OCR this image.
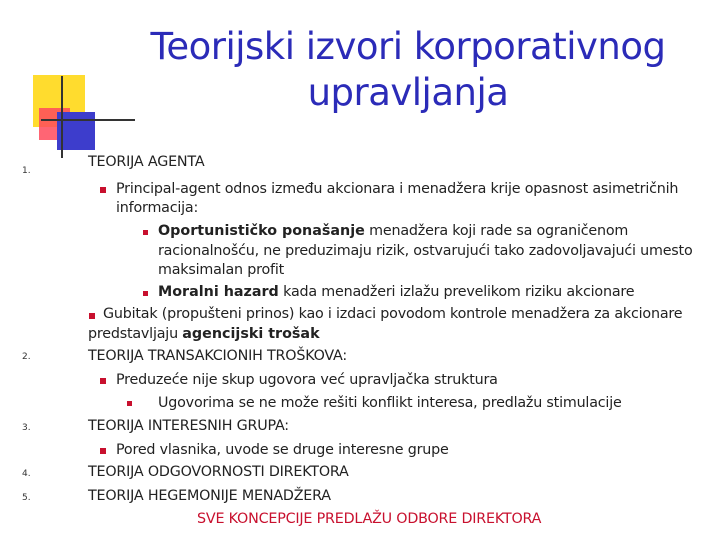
Teorijski izvori korporativnog
upravljanja
1.
2.
3.
4.
5.
TEORIJA AGENTA
Principal-agent odnos između akcionara i menadžera krije opasnost asimetričnih
informacija:
Oportunističko ponašanje menadžera koji rade sa ograničenom
racionalnošću, ne preduzimaju rizik, ostvarujući tako zadovoljavajući umesto
maksimalan profit
Moralni hazard kada menadžeri izlažu prevelikom riziku akcionare
Gubitak (propušteni prinos) kao i izdaci povodom kontrole menadžera za akcionare
predstavljaju agencijski trošak
TEORIJA TRANSAKCIONIH TROŠKOVA:
Preduzeće nije skup ugovora već upravljačka struktura
Ugovorima se ne može rešiti konflikt interesa, predlažu stimulacije
TEORIJA INTERESNIH GRUPA:
Pored vlasnika, uvode se druge interesne grupe
TEORIJA ODGOVORNOSTI DIREKTORA
TEORIJA HEGEMONIJE MENADŽERA
SVE KONCEPCIJE PREDLAŽU ODBORE DIREKTORA
